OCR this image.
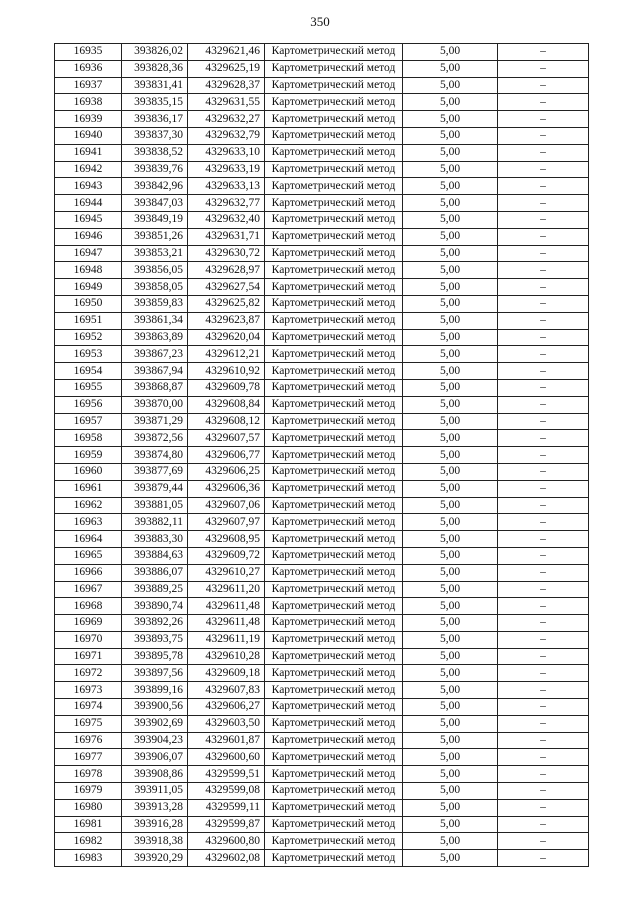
350
16935	393826,02	4329621,46	Картометрический метод	5,00	–
16936	393828,36	4329625,19	Картометрический метод	5,00	–
16937	393831,41	4329628,37	Картометрический метод	5,00	–
16938	393835,15	4329631,55	Картометрический метод	5,00	–
16939	393836,17	4329632,27	Картометрический метод	5,00	–
16940	393837,30	4329632,79	Картометрический метод	5,00	–
16941	393838,52	4329633,10	Картометрический метод	5,00	–
16942	393839,76	4329633,19	Картометрический метод	5,00	–
16943	393842,96	4329633,13	Картометрический метод	5,00	–
16944	393847,03	4329632,77	Картометрический метод	5,00	–
16945	393849,19	4329632,40	Картометрический метод	5,00	–
16946	393851,26	4329631,71	Картометрический метод	5,00	–
16947	393853,21	4329630,72	Картометрический метод	5,00	–
16948	393856,05	4329628,97	Картометрический метод	5,00	–
16949	393858,05	4329627,54	Картометрический метод	5,00	–
16950	393859,83	4329625,82	Картометрический метод	5,00	–
16951	393861,34	4329623,87	Картометрический метод	5,00	–
16952	393863,89	4329620,04	Картометрический метод	5,00	–
16953	393867,23	4329612,21	Картометрический метод	5,00	–
16954	393867,94	4329610,92	Картометрический метод	5,00	–
16955	393868,87	4329609,78	Картометрический метод	5,00	–
16956	393870,00	4329608,84	Картометрический метод	5,00	–
16957	393871,29	4329608,12	Картометрический метод	5,00	–
16958	393872,56	4329607,57	Картометрический метод	5,00	–
16959	393874,80	4329606,77	Картометрический метод	5,00	–
16960	393877,69	4329606,25	Картометрический метод	5,00	–
16961	393879,44	4329606,36	Картометрический метод	5,00	–
16962	393881,05	4329607,06	Картометрический метод	5,00	–
16963	393882,11	4329607,97	Картометрический метод	5,00	–
16964	393883,30	4329608,95	Картометрический метод	5,00	–
16965	393884,63	4329609,72	Картометрический метод	5,00	–
16966	393886,07	4329610,27	Картометрический метод	5,00	–
16967	393889,25	4329611,20	Картометрический метод	5,00	–
16968	393890,74	4329611,48	Картометрический метод	5,00	–
16969	393892,26	4329611,48	Картометрический метод	5,00	–
16970	393893,75	4329611,19	Картометрический метод	5,00	–
16971	393895,78	4329610,28	Картометрический метод	5,00	–
16972	393897,56	4329609,18	Картометрический метод	5,00	–
16973	393899,16	4329607,83	Картометрический метод	5,00	–
16974	393900,56	4329606,27	Картометрический метод	5,00	–
16975	393902,69	4329603,50	Картометрический метод	5,00	–
16976	393904,23	4329601,87	Картометрический метод	5,00	–
16977	393906,07	4329600,60	Картометрический метод	5,00	–
16978	393908,86	4329599,51	Картометрический метод	5,00	–
16979	393911,05	4329599,08	Картометрический метод	5,00	–
16980	393913,28	4329599,11	Картометрический метод	5,00	–
16981	393916,28	4329599,87	Картометрический метод	5,00	–
16982	393918,38	4329600,80	Картометрический метод	5,00	–
16983	393920,29	4329602,08	Картометрический метод	5,00	–
